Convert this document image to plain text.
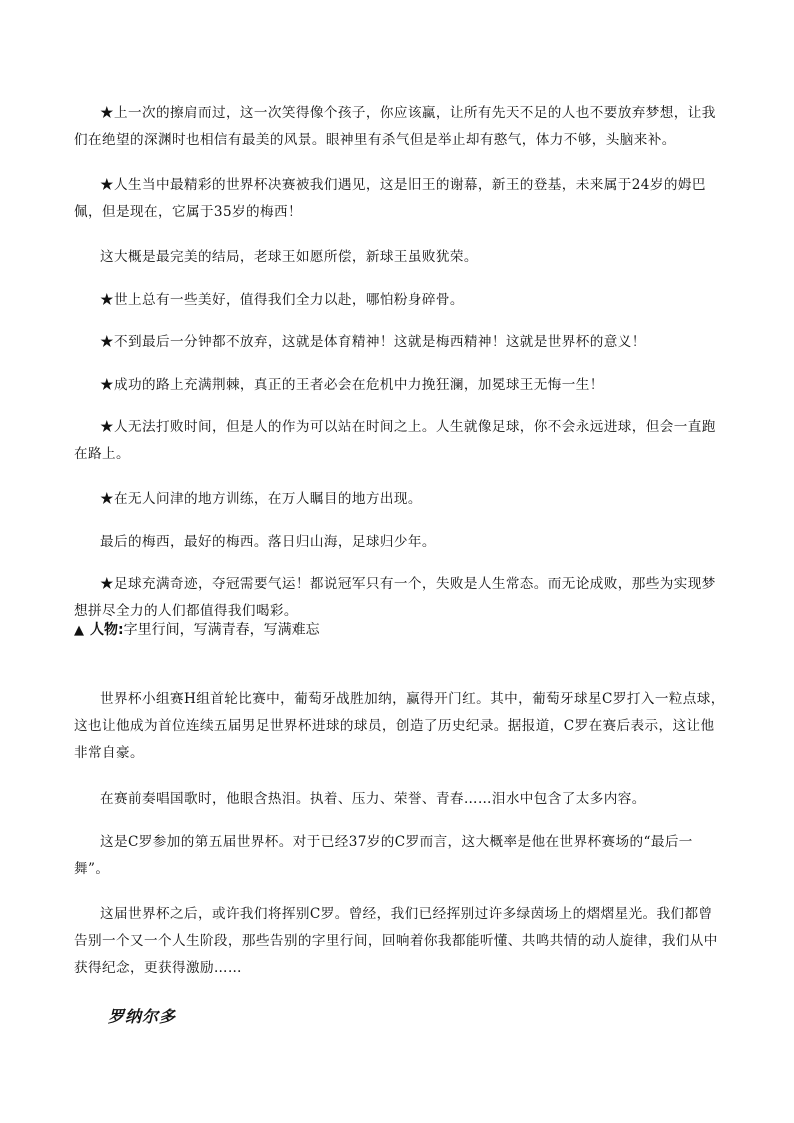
★上一次的擦肩而过，这一次笑得像个孩子，你应该赢，让所有先天不足的人也不要放弃梦想，让我们在绝望的深渊时也相信有最美的风景。眼神里有杀气但是举止却有憨气，体力不够，头脑来补。

★人生当中最精彩的世界杯决赛被我们遇见，这是旧王的谢幕，新王的登基，未来属于24岁的姆巴佩，但是现在，它属于35岁的梅西！

这大概是最完美的结局，老球王如愿所偿，新球王虽败犹荣。

★世上总有一些美好，值得我们全力以赴，哪怕粉身碎骨。

★不到最后一分钟都不放弃，这就是体育精神！这就是梅西精神！这就是世界杯的意义！

★成功的路上充满荆棘，真正的王者必会在危机中力挽狂澜，加冕球王无悔一生！

★人无法打败时间，但是人的作为可以站在时间之上。人生就像足球，你不会永远进球，但会一直跑在路上。

★在无人问津的地方训练，在万人瞩目的地方出现。

最后的梅西，最好的梅西。落日归山海，足球归少年。

★足球充满奇迹，夺冠需要气运！都说冠军只有一个，失败是人生常态。而无论成败，那些为实现梦想拼尽全力的人们都值得我们喝彩。

▲ 人物:字里行间，写满青春，写满难忘

世界杯小组赛H组首轮比赛中，葡萄牙战胜加纳，赢得开门红。其中，葡萄牙球星C罗打入一粒点球，这也让他成为首位连续五届男足世界杯进球的球员，创造了历史纪录。据报道，C罗在赛后表示，这让他非常自豪。

在赛前奏唱国歌时，他眼含热泪。执着、压力、荣誉、青春……泪水中包含了太多内容。

这是C罗参加的第五届世界杯。对于已经37岁的C罗而言，这大概率是他在世界杯赛场的“最后一舞”。

这届世界杯之后，或许我们将挥别C罗。曾经，我们已经挥别过许多绿茵场上的熠熠星光。我们都曾告别一个又一个人生阶段，那些告别的字里行间，回响着你我都能听懂、共鸣共情的动人旋律，我们从中获得纪念，更获得激励……

罗纳尔多
